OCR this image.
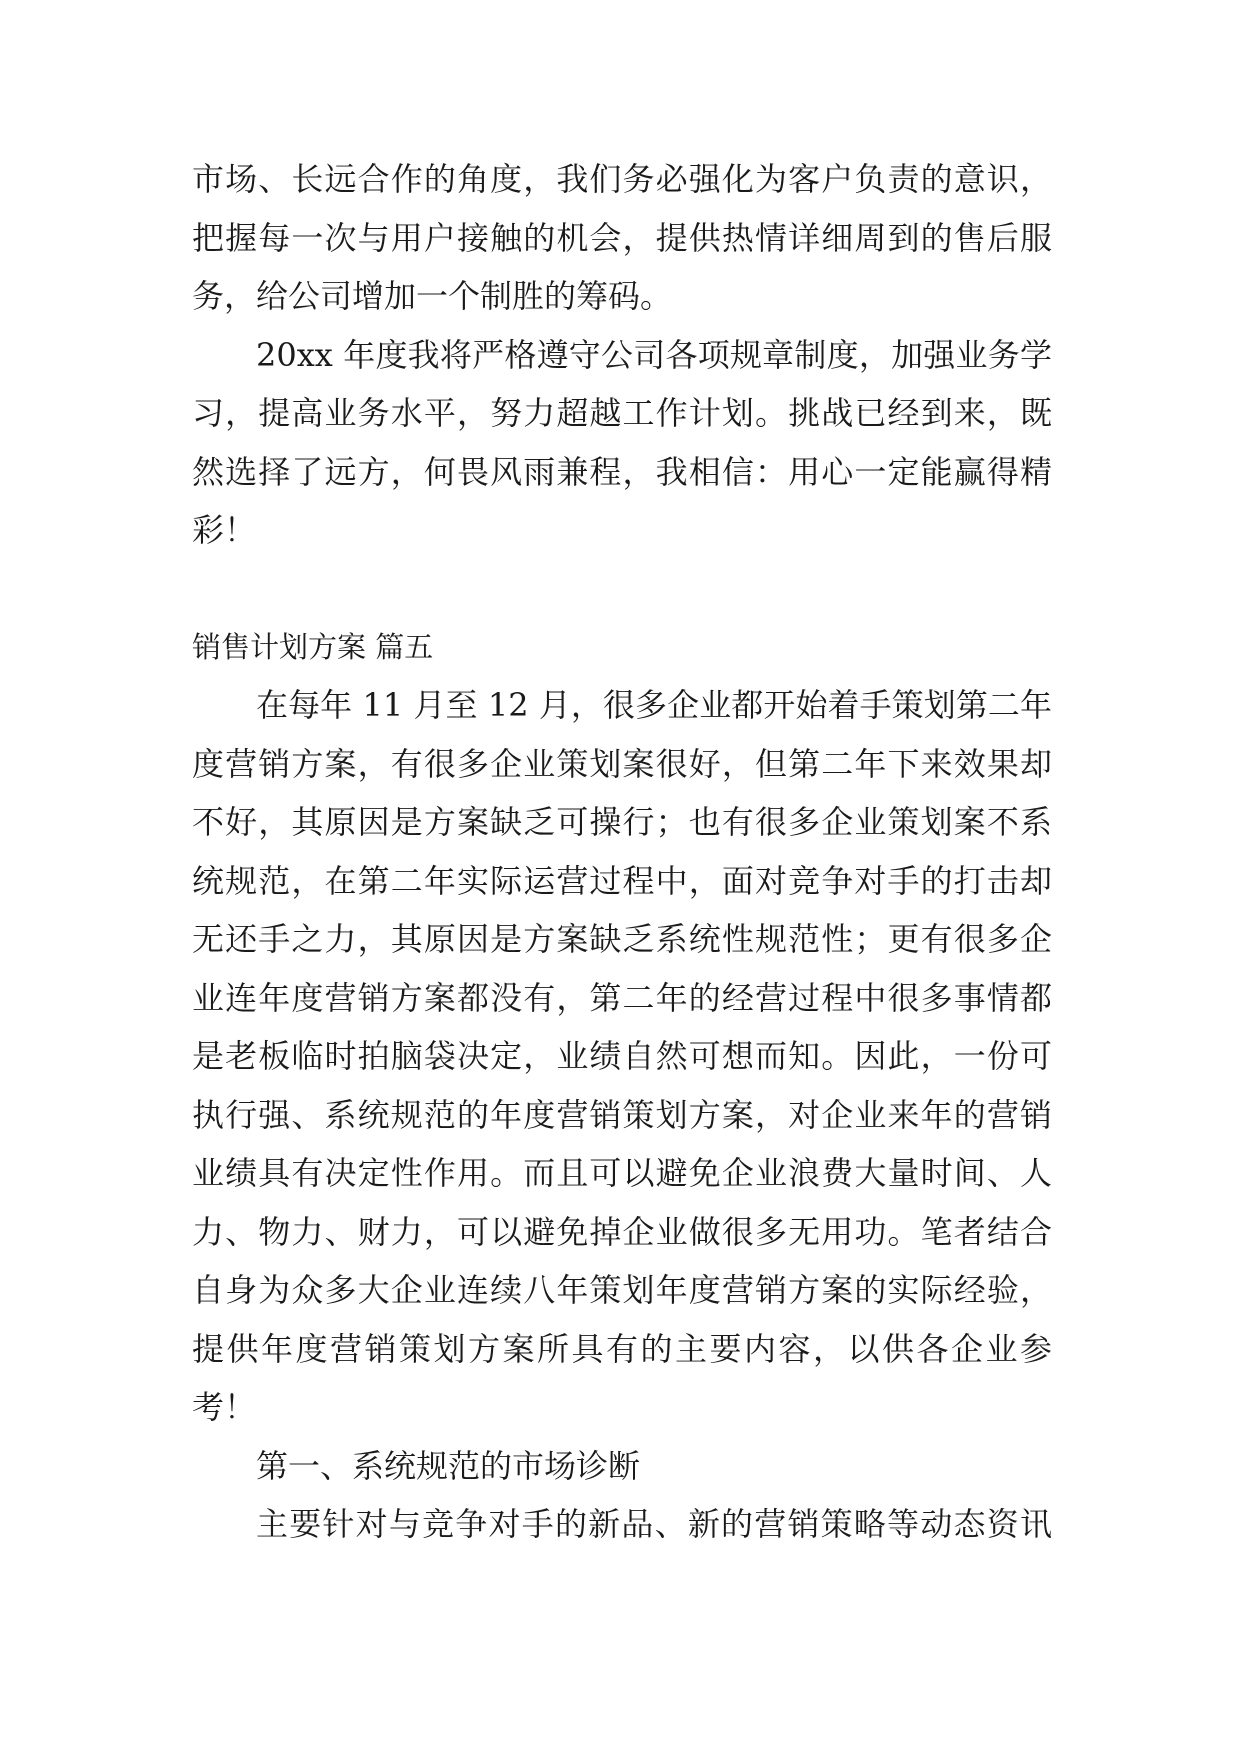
市场、长远合作的角度，我们务必强化为客户负责的意识，
把握每一次与用户接触的机会，提供热情详细周到的售后服
务，给公司增加一个制胜的筹码。
20xx 年度我将严格遵守公司各项规章制度，加强业务学
习，提高业务水平，努力超越工作计划。挑战已经到来，既
然选择了远方，何畏风雨兼程，我相信：用心一定能赢得精
彩！
销售计划方案 篇五
在每年 11 月至 12 月，很多企业都开始着手策划第二年
度营销方案，有很多企业策划案很好，但第二年下来效果却
不好，其原因是方案缺乏可操行；也有很多企业策划案不系
统规范，在第二年实际运营过程中，面对竞争对手的打击却
无还手之力，其原因是方案缺乏系统性规范性；更有很多企
业连年度营销方案都没有，第二年的经营过程中很多事情都
是老板临时拍脑袋决定，业绩自然可想而知。因此，一份可
执行强、系统规范的年度营销策划方案，对企业来年的营销
业绩具有决定性作用。而且可以避免企业浪费大量时间、人
力、物力、财力，可以避免掉企业做很多无用功。笔者结合
自身为众多大企业连续八年策划年度营销方案的实际经验，
提供年度营销策划方案所具有的主要内容，以供各企业参
考！
第一、系统规范的市场诊断
主要针对与竞争对手的新品、新的营销策略等动态资讯
